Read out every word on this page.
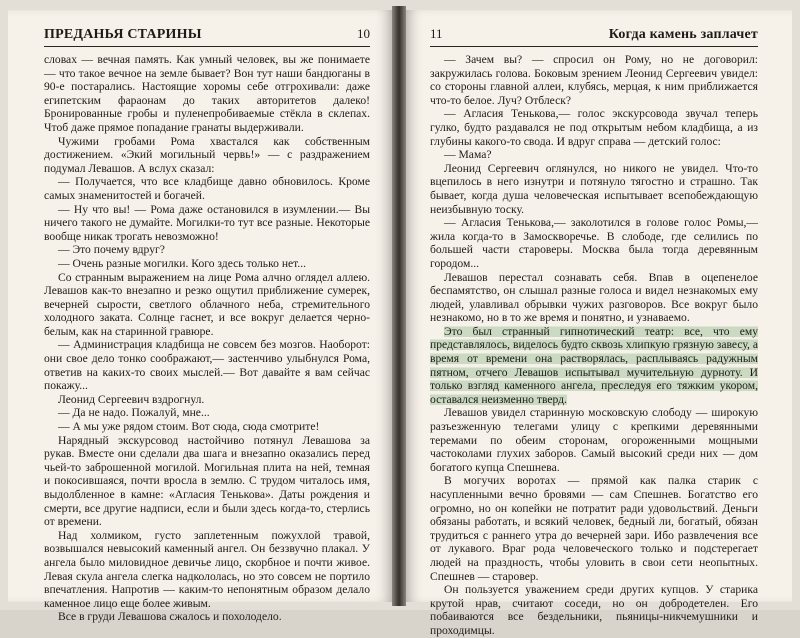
ПРЕДАНЬЯ СТАРИНЫ	10

словах — вечная память. Как умный человек, вы же понимаете — что такое вечное на земле бывает? Вон тут наши бандюганы в 90-е постарались. Настоящие хоромы себе отгрохивали: даже египетским фараонам до таких авторитетов далеко! Бронированные гробы и пуленепробиваемые стёкла в склепах. Чтоб даже прямое попадание гранаты выдерживали.

Чужими гробами Рома хвастался как собственным достижением. «Экий могильный червь!» — с раздражением подумал Левашов. А вслух сказал:

— Получается, что все кладбище давно обновилось. Кроме самых знаменитостей и богачей.

— Ну что вы! — Рома даже остановился в изумлении.— Вы ничего такого не думайте. Могилки-то тут все разные. Некоторые вообще никак трогать невозможно!

— Это почему вдруг?

— Очень разные могилки. Кого здесь только нет...

Со странным выражением на лице Рома алчно оглядел аллею. Левашов как-то внезапно и резко ощутил приближение сумерек, вечерней сырости, светлого облачного неба, стремительного холодного заката. Солнце гаснет, и все вокруг делается черно-белым, как на старинной гравюре.

— Администрация кладбища не совсем без мозгов. Наоборот: они свое дело тонко соображают,— застенчиво улыбнулся Рома, ответив на каких-то своих мыслей.— Вот давайте я вам сейчас покажу...

Леонид Сергеевич вздрогнул.

— Да не надо. Пожалуй, мне...

— А мы уже рядом стоим. Вот сюда, сюда смотрите!

Нарядный экскурсовод настойчиво потянул Левашова за рукав. Вместе они сделали два шага и внезапно оказались перед чьей-то заброшенной могилой. Могильная плита на ней, темная и покосившаяся, почти вросла в землю. С трудом читалось имя, выдолбленное в камне: «Агласия Тенькова». Даты рождения и смерти, все другие надписи, если и были здесь когда-то, стерлись от времени.

Над холмиком, густо заплетенным пожухлой травой, возвышался невысокий каменный ангел. Он беззвучно плакал. У ангела было миловидное девичье лицо, скорбное и почти живое. Левая скула ангела слегка надкололась, но это совсем не портило впечатления. Напротив — каким-то непонятным образом делало каменное лицо еще более живым.

Все в груди Левашова сжалось и похолодело.

11	Когда камень заплачет

— Зачем вы? — спросил он Рому, но не договорил: закружилась голова. Боковым зрением Леонид Сергеевич увидел: со стороны главной аллеи, клубясь, мерцая, к ним приближается что-то белое. Луч? Отблеск?

— Агласия Тенькова,— голос экскурсовода звучал теперь гулко, будто раздавался не под открытым небом кладбища, а из глубины какого-то свода. И вдруг справа — детский голос:

— Мама?

Леонид Сергеевич оглянулся, но никого не увидел. Что-то вцепилось в него изнутри и потянуло тягостно и страшно. Так бывает, когда душа человеческая испытывает всепобеждающую неизбывную тоску.

— Агласия Тенькова,— заколотился в голове голос Ромы,— жила когда-то в Замоскворечье. В слободе, где селились по большей части староверы. Москва была тогда деревянным городом...

Левашов перестал сознавать себя. Впав в оцепенелое беспамятство, он слышал разные голоса и видел незнакомых ему людей, улавливал обрывки чужих разговоров. Все вокруг было незнакомо, но в то же время и понятно, и узнаваемо.

Это был странный гипнотический театр: все, что ему представлялось, виделось будто сквозь хлипкую грязную завесу, а время от времени она растворялась, расплываясь радужным пятном, отчего Левашов испытывал мучительную дурноту. И только взгляд каменного ангела, преследуя его тяжким укором, оставался неизменно тверд.

Левашов увидел старинную московскую слободу — широкую разъезженную телегами улицу с крепкими деревянными теремами по обеим сторонам, огороженными мощными частоколами глухих заборов. Самый высокий среди них — дом богатого купца Спешнева.

В могучих воротах — прямой как палка старик с насупленными вечно бровями — сам Спешнев. Богатство его огромно, но он копейки не потратит ради удовольствий. Деньги обязаны работать, и всякий человек, бедный ли, богатый, обязан трудиться с раннего утра до вечерней зари. Ибо развлечения все от лукавого. Враг рода человеческого только и подстерегает людей на праздность, чтобы уловить в свои сети неопытных. Спешнев — старовер.

Он пользуется уважением среди других купцов. У старика крутой нрав, считают соседи, но он добродетелен. Его побаиваются все бездельники, пьяницы-никчемушники и проходимцы.
